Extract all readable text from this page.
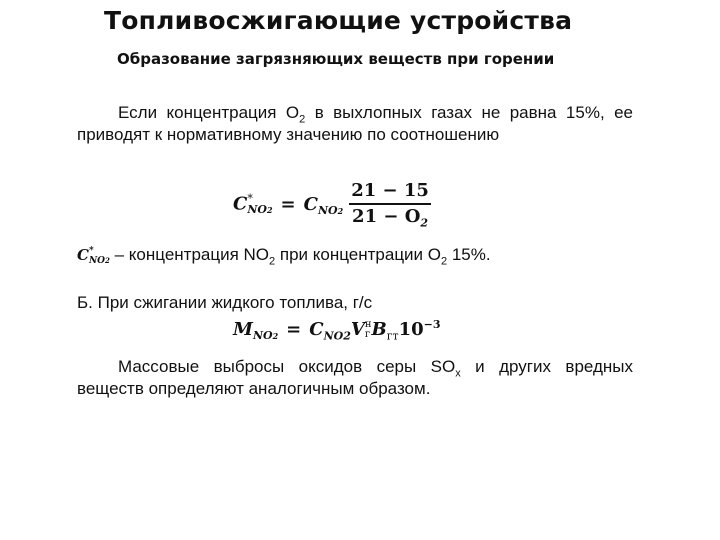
Топливосжигающие устройства
Образование загрязняющих веществ при горении

Если концентрация $O_2$ в выхлопных газах не равна 15%, ее приводят к нормативному значению по соотношению

C *
$NO2 = C_{NO2} \frac{21 - 15}{21 - O_2}$
C *
NO2 – концентрация $NO_2$ при концентрации $O_2$ 15%.
Б. При сжигании жидкого топлива, г/с
$M_{NO2} = C_{NO2}$ V н
г $B_{гт}$ $10^{-3}$

Массовые выбросы оксидов серы $SO_x$ и других вредных веществ определяют аналогичным образом.
